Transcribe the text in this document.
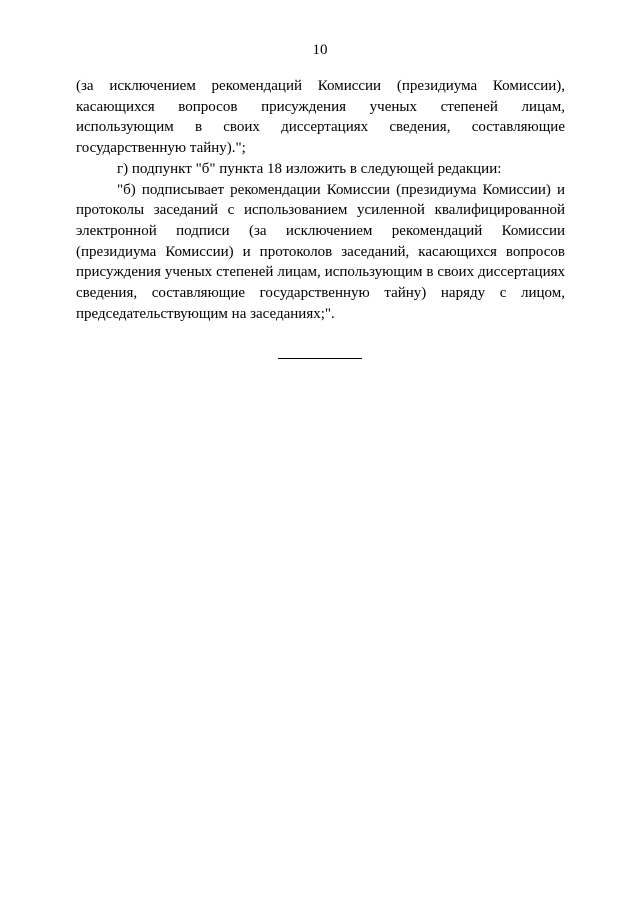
10

(за исключением рекомендаций Комиссии (президиума Комиссии), касающихся вопросов присуждения ученых степеней лицам, использующим в своих диссертациях сведения, составляющие государственную тайну).";

г) подпункт "б" пункта 18 изложить в следующей редакции:

"б) подписывает рекомендации Комиссии (президиума Комиссии) и протоколы заседаний с использованием усиленной квалифицированной электронной подписи (за исключением рекомендаций Комиссии (президиума Комиссии) и протоколов заседаний, касающихся вопросов присуждения ученых степеней лицам, использующим в своих диссертациях сведения, составляющие государственную тайну) наряду с лицом, председательствующим на заседаниях;".
